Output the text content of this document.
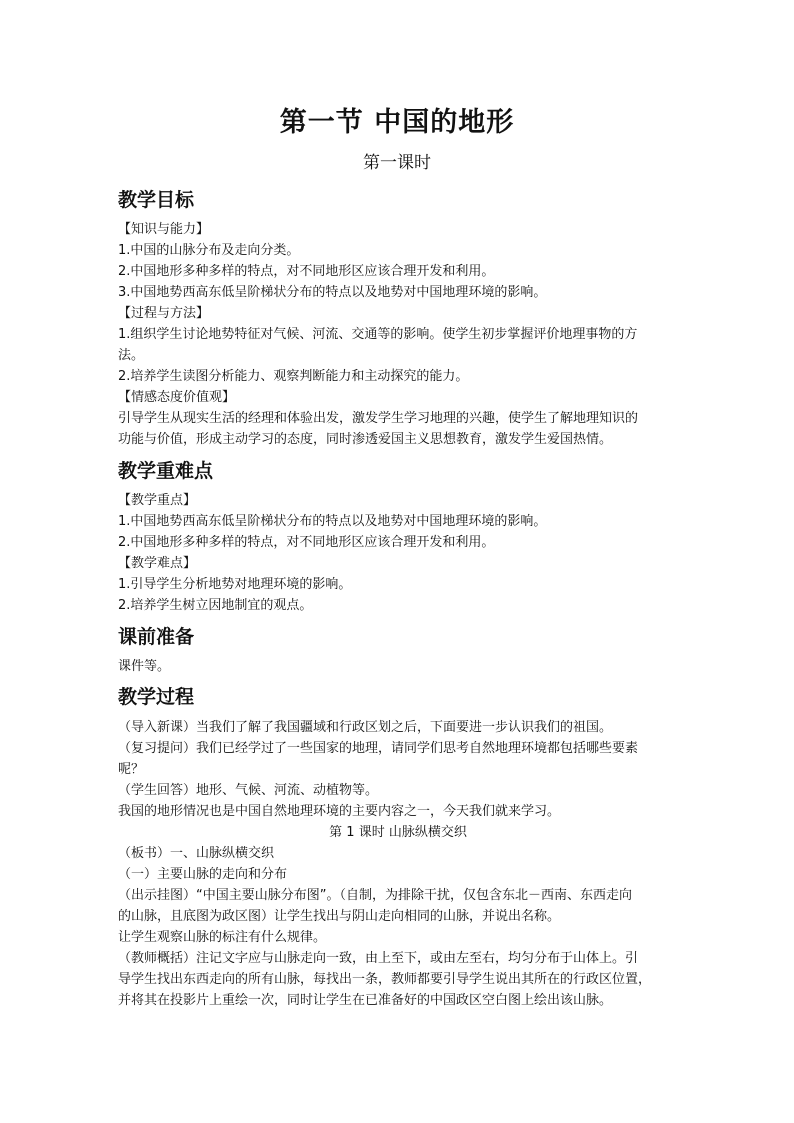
第一节 中国的地形
第一课时
教学目标
【知识与能力】
1.中国的山脉分布及走向分类。
2.中国地形多种多样的特点，对不同地形区应该合理开发和利用。
3.中国地势西高东低呈阶梯状分布的特点以及地势对中国地理环境的影响。
【过程与方法】
1.组织学生讨论地势特征对气候、河流、交通等的影响。使学生初步掌握评价地理事物的方
法。
2.培养学生读图分析能力、观察判断能力和主动探究的能力。
【情感态度价值观】
引导学生从现实生活的经理和体验出发，激发学生学习地理的兴趣，使学生了解地理知识的
功能与价值，形成主动学习的态度，同时渗透爱国主义思想教育，激发学生爱国热情。
教学重难点
【教学重点】
1.中国地势西高东低呈阶梯状分布的特点以及地势对中国地理环境的影响。
2.中国地形多种多样的特点，对不同地形区应该合理开发和利用。
【教学难点】
1.引导学生分析地势对地理环境的影响。
2.培养学生树立因地制宜的观点。
课前准备
课件等。
教学过程
（导入新课）当我们了解了我国疆域和行政区划之后，下面要进一步认识我们的祖国。
（复习提问）我们已经学过了一些国家的地理，请同学们思考自然地理环境都包括哪些要素
呢？
（学生回答）地形、气候、河流、动植物等。
我国的地形情况也是中国自然地理环境的主要内容之一，今天我们就来学习。
第 1 课时 山脉纵横交织
（板书）一、山脉纵横交织
（一）主要山脉的走向和分布
（出示挂图）“中国主要山脉分布图”。（自制，为排除干扰，仅包含东北－西南、东西走向
的山脉，且底图为政区图）让学生找出与阴山走向相同的山脉，并说出名称。
让学生观察山脉的标注有什么规律。
（教师概括）注记文字应与山脉走向一致，由上至下，或由左至右，均匀分布于山体上。引
导学生找出东西走向的所有山脉，每找出一条，教师都要引导学生说出其所在的行政区位置，
并将其在投影片上重绘一次，同时让学生在已准备好的中国政区空白图上绘出该山脉。
